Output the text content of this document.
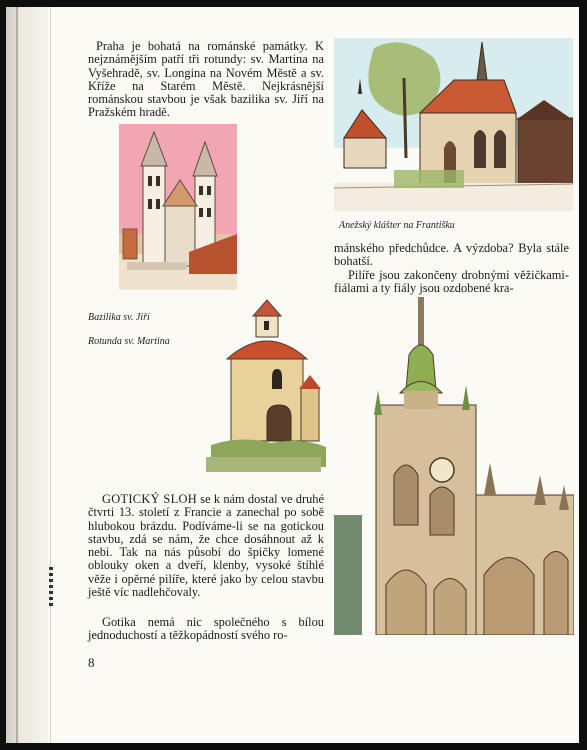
Praha je bohatá na románské památky. K nejznámějším patří tři rotundy: sv. Martina na Vyšehradě, sv. Longina na Novém Městě a sv. Kříže na Starém Městě. Nejkrásnější románskou stavbou je však bazilika sv. Jiří na Pražském hradě.
Bazilika sv. Jiří
Rotunda sv. Martina
Anežský klášter na Františku
mánského předchůdce. A výzdoba? Byla stále bohatší.
Pilíře jsou zakončeny drobnými věžičkami-fiálami a ty fiály jsou ozdobené kra-
GOTICKÝ SLOH se k nám dostal ve druhé čtvrti 13. století z Francie a zanechal po sobě hlubokou brázdu. Podíváme-li se na gotickou stavbu, zdá se nám, že chce dosáhnout až k nebi. Tak na nás působí do špičky lomené oblouky oken a dveří, klenby, vysoké štíhlé věže i opěrné pilíře, které jako by celou stavbu ještě víc nadlehčovaly.
Gotika nemá nic společného s bílou jednoduchostí a těžkopádností svého ro-
8
